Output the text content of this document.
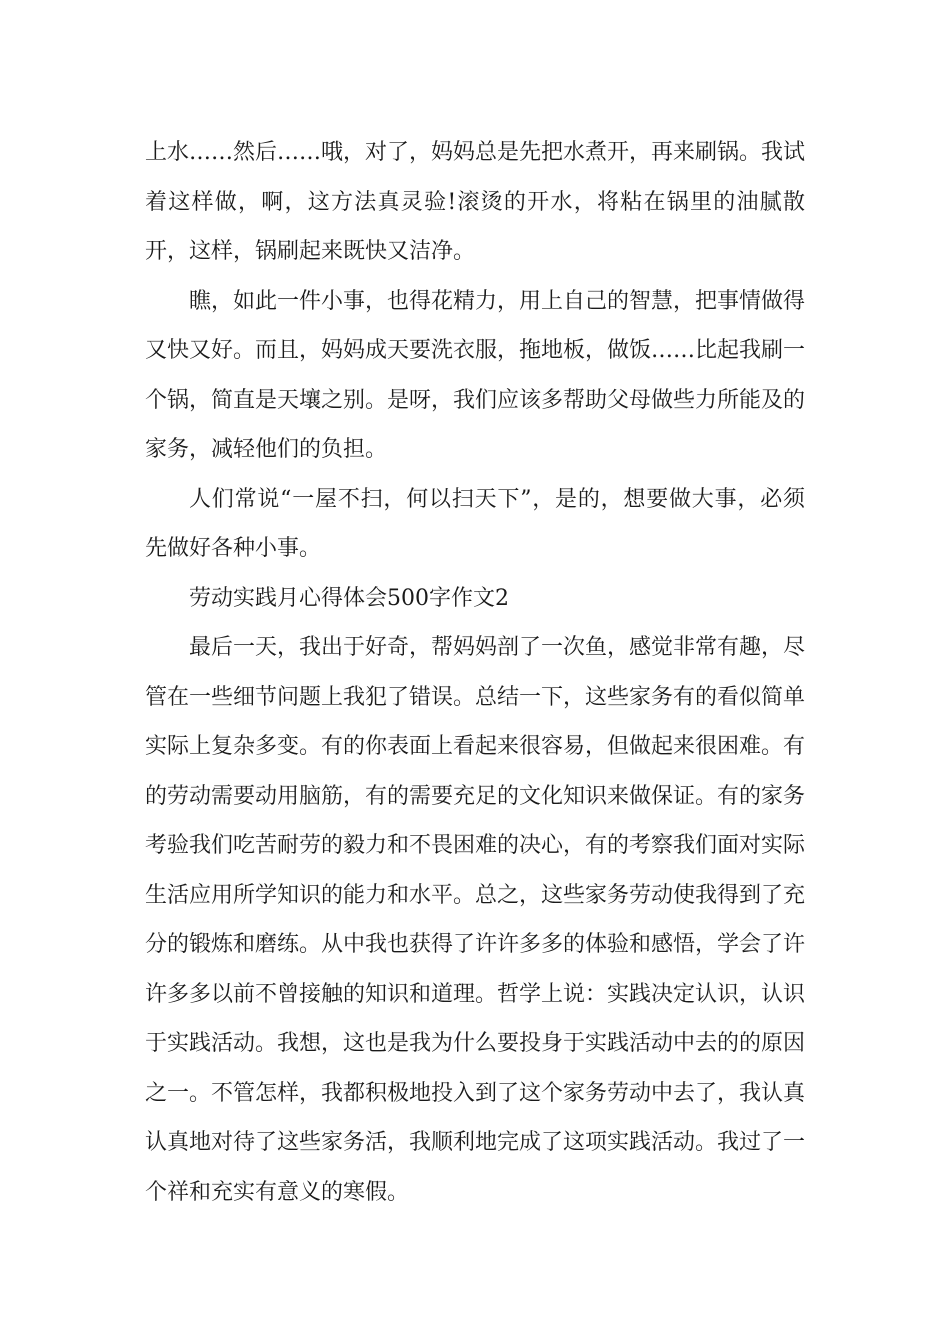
上水……然后……哦，对了，妈妈总是先把水煮开，再来刷锅。我试着这样做，啊，这方法真灵验!滚烫的开水，将粘在锅里的油腻散开，这样，锅刷起来既快又洁净。

瞧，如此一件小事，也得花精力，用上自己的智慧，把事情做得又快又好。而且，妈妈成天要洗衣服，拖地板，做饭……比起我刷一个锅，简直是天壤之别。是呀，我们应该多帮助父母做些力所能及的家务，减轻他们的负担。

人们常说“一屋不扫，何以扫天下”，是的，想要做大事，必须先做好各种小事。

劳动实践月心得体会500字作文2

最后一天，我出于好奇，帮妈妈剖了一次鱼，感觉非常有趣，尽管在一些细节问题上我犯了错误。总结一下，这些家务有的看似简单实际上复杂多变。有的你表面上看起来很容易，但做起来很困难。有的劳动需要动用脑筋，有的需要充足的文化知识来做保证。有的家务考验我们吃苦耐劳的毅力和不畏困难的决心，有的考察我们面对实际生活应用所学知识的能力和水平。总之，这些家务劳动使我得到了充分的锻炼和磨练。从中我也获得了许许多多的体验和感悟，学会了许许多多以前不曾接触的知识和道理。哲学上说：实践决定认识，认识于实践活动。我想，这也是我为什么要投身于实践活动中去的的原因之一。不管怎样，我都积极地投入到了这个家务劳动中去了，我认真认真地对待了这些家务活，我顺利地完成了这项实践活动。我过了一个祥和充实有意义的寒假。
